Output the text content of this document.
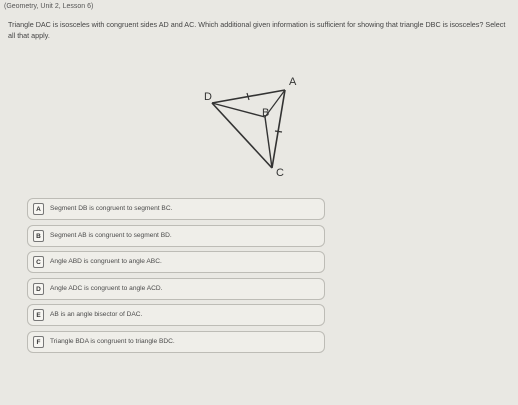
(Geometry, Unit 2, Lesson 6)
Triangle DAC is isosceles with congruent sides AD and AC. Which additional given information is sufficient for showing that triangle DBC is isosceles? Select all that apply.
A
D
B
C
A	Segment DB is congruent to segment BC.
B	Segment AB is congruent to segment BD.
C	Angle ABD is congruent to angle ABC.
D	Angle ADC is congruent to angle ACD.
E	AB is an angle bisector of DAC.
F	Triangle BDA is congruent to triangle BDC.
